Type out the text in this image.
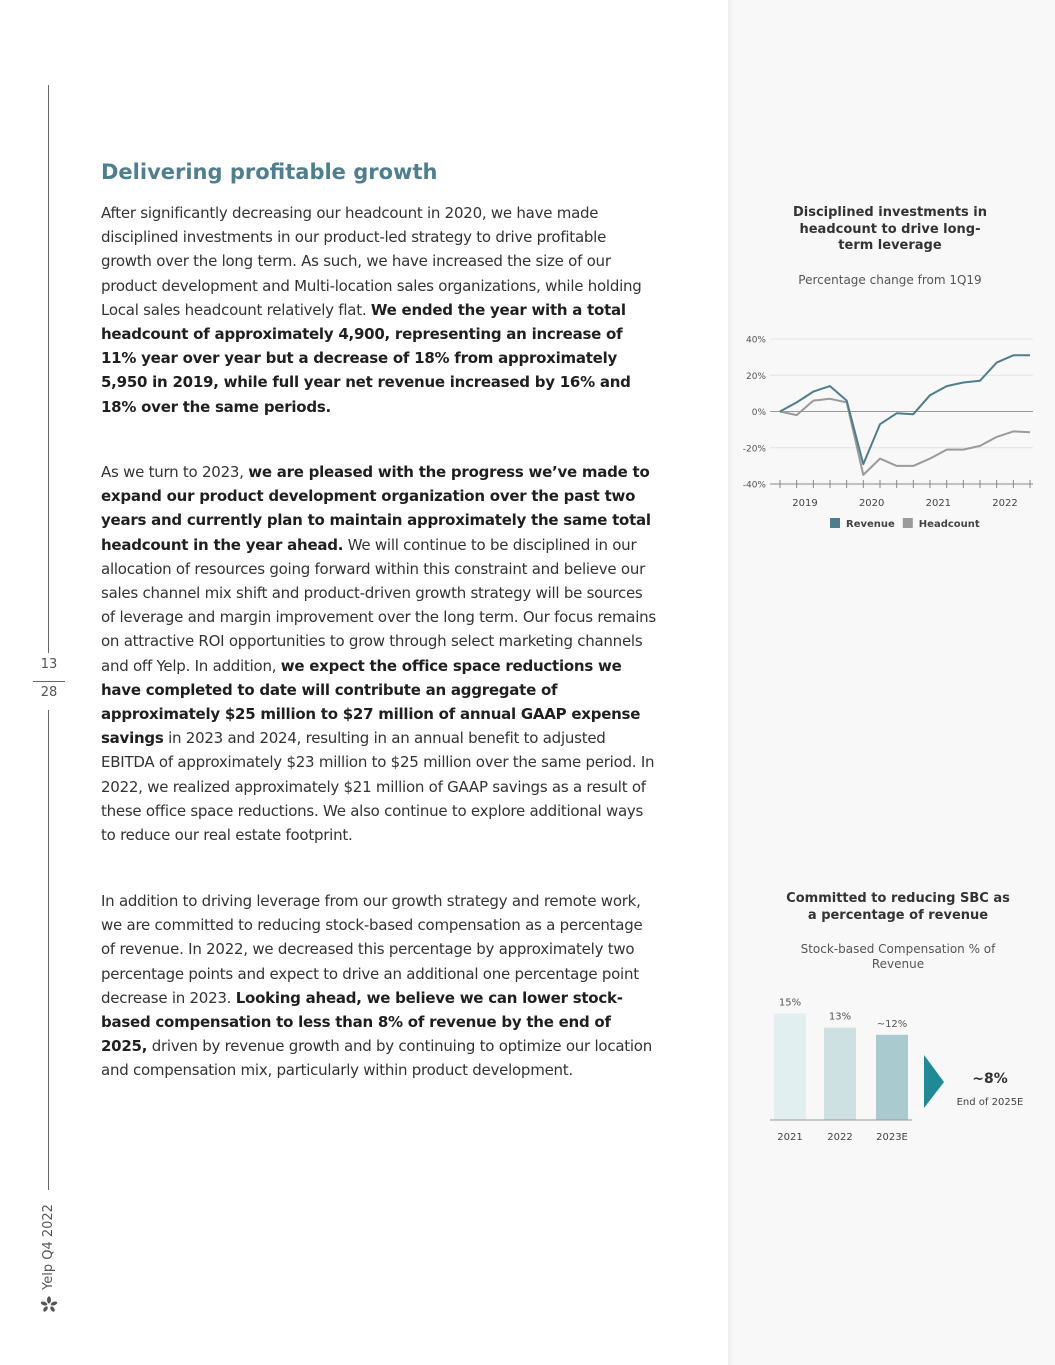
13
28
Yelp Q4 2022
Delivering profitable growth

After significantly decreasing our headcount in 2020, we have made disciplined investments in our product-led strategy to drive profitable growth over the long term. As such, we have increased the size of our product development and Multi-location sales organizations, while holding Local sales headcount relatively flat. We ended the year with a total headcount of approximately 4,900, representing an increase of 11% year over year but a decrease of 18% from approximately 5,950 in 2019, while full year net revenue increased by 16% and 18% over the same periods.

As we turn to 2023, we are pleased with the progress we’ve made to expand our product development organization over the past two years and currently plan to maintain approximately the same total headcount in the year ahead. We will continue to be disciplined in our allocation of resources going forward within this constraint and believe our sales channel mix shift and product-driven growth strategy will be sources of leverage and margin improvement over the long term. Our focus remains on attractive ROI opportunities to grow through select marketing channels and off Yelp. In addition, we expect the office space reductions we have completed to date will contribute an aggregate of approximately $25 million to $27 million of annual GAAP expense savings in 2023 and 2024, resulting in an annual benefit to adjusted EBITDA of approximately $23 million to $25 million over the same period. In 2022, we realized approximately $21 million of GAAP savings as a result of these office space reductions. We also continue to explore additional ways to reduce our real estate footprint.

In addition to driving leverage from our growth strategy and remote work, we are committed to reducing stock-based compensation as a percentage of revenue. In 2022, we decreased this percentage by approximately two percentage points and expect to drive an additional one percentage point decrease in 2023. Looking ahead, we believe we can lower stock-based compensation to less than 8% of revenue by the end of 2025, driven by revenue growth and by continuing to optimize our location and compensation mix, particularly within product development.

Disciplined investments in headcount to drive long-term leverage
Percentage change from 1Q19
40%
20%
0%
-20%
-40%
2019	2020	2021	2022
Revenue Headcount
Committed to reducing SBC as a percentage of revenue
Stock-based Compensation % of Revenue
15%
2021
13%
2022
~12%
2023E
~8%
End of 2025E
